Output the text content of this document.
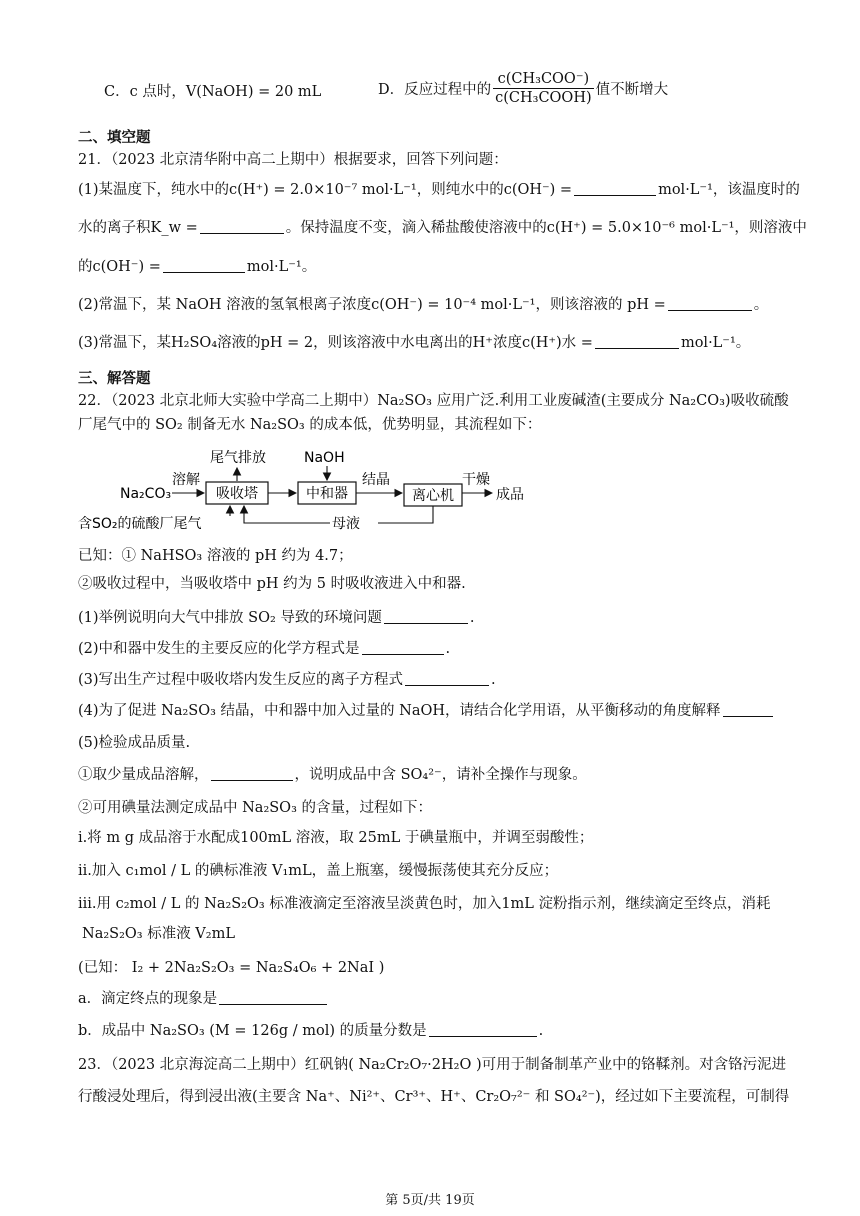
C．c 点时，V(NaOH) = 20 mL	D．反应过程中的 $\frac{\text{c(CH₃COO⁻)}}{\text{c(CH₃COOH)}}$ 值不断增大
二、填空题
21．（2023 北京清华附中高二上期中）根据要求，回答下列问题：
(1)某温度下，纯水中的c(H⁺) = 2.0×10⁻⁷ mol·L⁻¹，则纯水中的c(OH⁻) =	mol·L⁻¹，该温度时的
水的离子积K_w =	。保持温度不变，滴入稀盐酸使溶液中的c(H⁺) = 5.0×10⁻⁶ mol·L⁻¹，则溶液中
的c(OH⁻) =	mol·L⁻¹。
(2)常温下，某 NaOH 溶液的氢氧根离子浓度c(OH⁻) = 10⁻⁴ mol·L⁻¹，则该溶液的 pH =	。
(3)常温下，某H₂SO₄溶液的pH = 2，则该溶液中水电离出的H⁺浓度c(H⁺)水 =	mol·L⁻¹。
三、解答题
22．（2023 北京北师大实验中学高二上期中）Na₂SO₃ 应用广泛.利用工业废碱渣(主要成分 Na₂CO₃)吸收硫酸
厂尾气中的 SO₂ 制备无水 Na₂SO₃ 的成本低，优势明显，其流程如下：
吸收塔	中和器	离心机
尾气排放	NaOH
Na₂CO₃
溶解	结晶	干燥
成品
含SO₂的硫酸厂尾气	母液
已知：① NaHSO₃ 溶液的 pH 约为 4.7；
②吸收过程中，当吸收塔中 pH 约为 5 时吸收液进入中和器.
(1)举例说明向大气中排放 SO₂ 导致的环境问题	.
(2)中和器中发生的主要反应的化学方程式是	.
(3)写出生产过程中吸收塔内发生反应的离子方程式	.
(4)为了促进 Na₂SO₃ 结晶，中和器中加入过量的 NaOH，请结合化学用语，从平衡移动的角度解释
(5)检验成品质量.
①取少量成品溶解，	，说明成品中含 SO₄²⁻，请补全操作与现象。
②可用碘量法测定成品中 Na₂SO₃ 的含量，过程如下：
i.将 m g 成品溶于水配成100mL 溶液，取 25mL 于碘量瓶中，并调至弱酸性；
ii.加入 c₁mol / L 的碘标准液 V₁mL，盖上瓶塞，缓慢振荡使其充分反应；
iii.用 c₂mol / L 的 Na₂S₂O₃ 标准液滴定至溶液呈淡黄色时，加入1mL 淀粉指示剂，继续滴定至终点，消耗
Na₂S₂O₃ 标准液 V₂mL
(已知： I₂ + 2Na₂S₂O₃ = Na₂S₄O₆ + 2NaI )
a．滴定终点的现象是
b．成品中 Na₂SO₃ (M = 126g / mol) 的质量分数是	.
23．（2023 北京海淀高二上期中）红矾钠( Na₂Cr₂O₇·2H₂O )可用于制备制革产业中的铬鞣剂。对含铬污泥进
行酸浸处理后，得到浸出液(主要含 Na⁺、Ni²⁺、Cr³⁺、H⁺、Cr₂O₇²⁻ 和 SO₄²⁻)，经过如下主要流程，可制得
第 5页/共 19页
